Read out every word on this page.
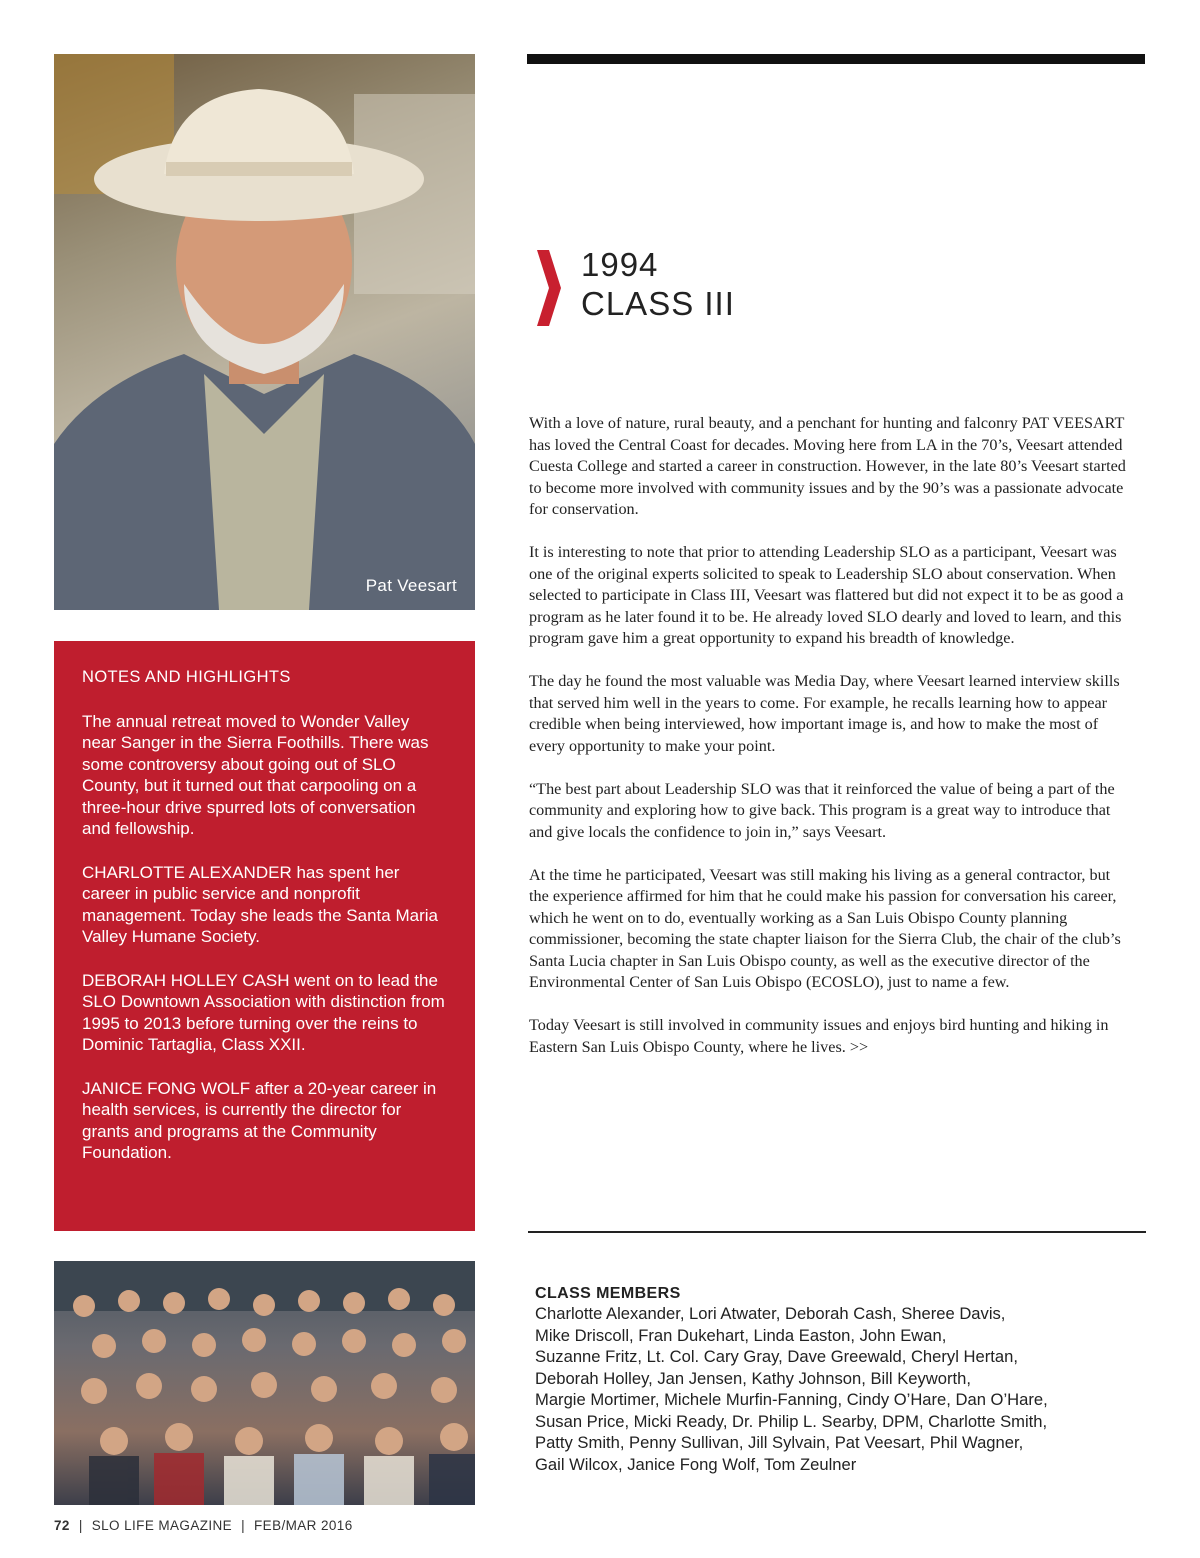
Pat Veesart
NOTES AND HIGHLIGHTS

The annual retreat moved to Wonder Valley near Sanger in the Sierra Foothills. There was some controversy about going out of SLO County, but it turned out that carpooling on a three-hour drive spurred lots of conversation and fellowship.

CHARLOTTE ALEXANDER has spent her career in public service and nonprofit management. Today she leads the Santa Maria Valley Humane Society.

DEBORAH HOLLEY CASH went on to lead the SLO Downtown Association with distinction from 1995 to 2013 before turning over the reins to Dominic Tartaglia, Class XXII.

JANICE FONG WOLF after a 20-year career in health services, is currently the director for grants and programs at the Community Foundation.

72 | SLO LIFE MAGAZINE | FEB/MAR 2016
1994
CLASS III

With a love of nature, rural beauty, and a penchant for hunting and falconry PAT VEESART has loved the Central Coast for decades. Moving here from LA in the 70’s, Veesart attended Cuesta College and started a career in construction. However, in the late 80’s Veesart started to become more involved with community issues and by the 90’s was a passionate advocate for conservation.

It is interesting to note that prior to attending Leadership SLO as a participant, Veesart was one of the original experts solicited to speak to Leadership SLO about conservation. When selected to participate in Class III, Veesart was flattered but did not expect it to be as good a program as he later found it to be. He already loved SLO dearly and loved to learn, and this program gave him a great opportunity to expand his breadth of knowledge.

The day he found the most valuable was Media Day, where Veesart learned interview skills that served him well in the years to come. For example, he recalls learning how to appear credible when being interviewed, how important image is, and how to make the most of every opportunity to make your point.

“The best part about Leadership SLO was that it reinforced the value of being a part of the community and exploring how to give back. This program is a great way to introduce that and give locals the confidence to join in,” says Veesart.

At the time he participated, Veesart was still making his living as a general contractor, but the experience affirmed for him that he could make his passion for conversation his career, which he went on to do, eventually working as a San Luis Obispo County planning commissioner, becoming the state chapter liaison for the Sierra Club, the chair of the club’s Santa Lucia chapter in San Luis Obispo county, as well as the executive director of the Environmental Center of San Luis Obispo (ECOSLO), just to name a few.

Today Veesart is still involved in community issues and enjoys bird hunting and hiking in Eastern San Luis Obispo County, where he lives. >>

CLASS MEMBERS
Charlotte Alexander, Lori Atwater, Deborah Cash, Sheree Davis,
Mike Driscoll, Fran Dukehart, Linda Easton, John Ewan,
Suzanne Fritz, Lt. Col. Cary Gray, Dave Greewald, Cheryl Hertan,
Deborah Holley, Jan Jensen, Kathy Johnson, Bill Keyworth,
Margie Mortimer, Michele Murfin-Fanning, Cindy O’Hare, Dan O’Hare,
Susan Price, Micki Ready, Dr. Philip L. Searby, DPM, Charlotte Smith,
Patty Smith, Penny Sullivan, Jill Sylvain, Pat Veesart, Phil Wagner,
Gail Wilcox, Janice Fong Wolf, Tom Zeulner
